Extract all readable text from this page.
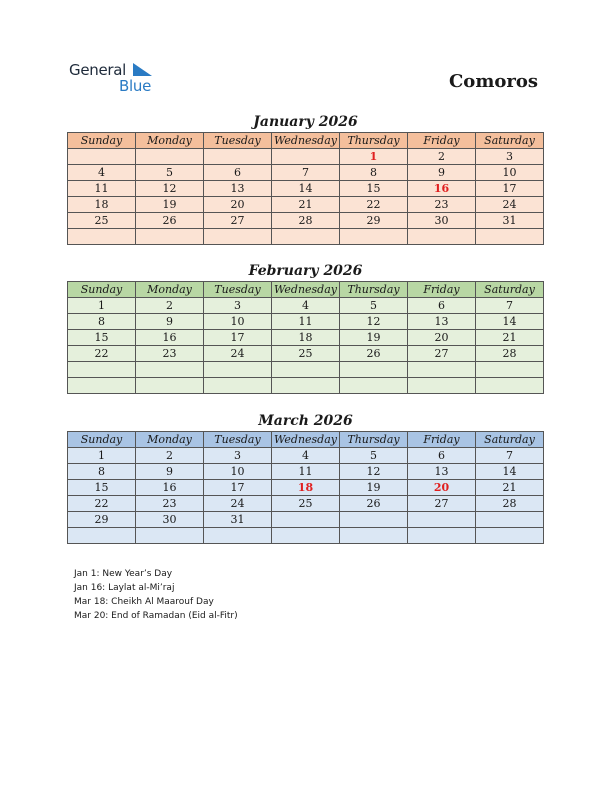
General
Blue	Comoros
January 2026
Sunday	Monday	Tuesday	Wednesday	Thursday	Friday	Saturday
				1	2	3
4	5	6	7	8	9	10
11	12	13	14	15	16	17
18	19	20	21	22	23	24
25	26	27	28	29	30	31

February 2026
Sunday	Monday	Tuesday	Wednesday	Thursday	Friday	Saturday
1	2	3	4	5	6	7
8	9	10	11	12	13	14
15	16	17	18	19	20	21
22	23	24	25	26	27	28

March 2026
Sunday	Monday	Tuesday	Wednesday	Thursday	Friday	Saturday
1	2	3	4	5	6	7
8	9	10	11	12	13	14
15	16	17	18	19	20	21
22	23	24	25	26	27	28
29	30	31				

Jan 1: New Year’s Day
Jan 16: Laylat al-Mi’raj
Mar 18: Cheikh Al Maarouf Day
Mar 20: End of Ramadan (Eid al-Fitr)
